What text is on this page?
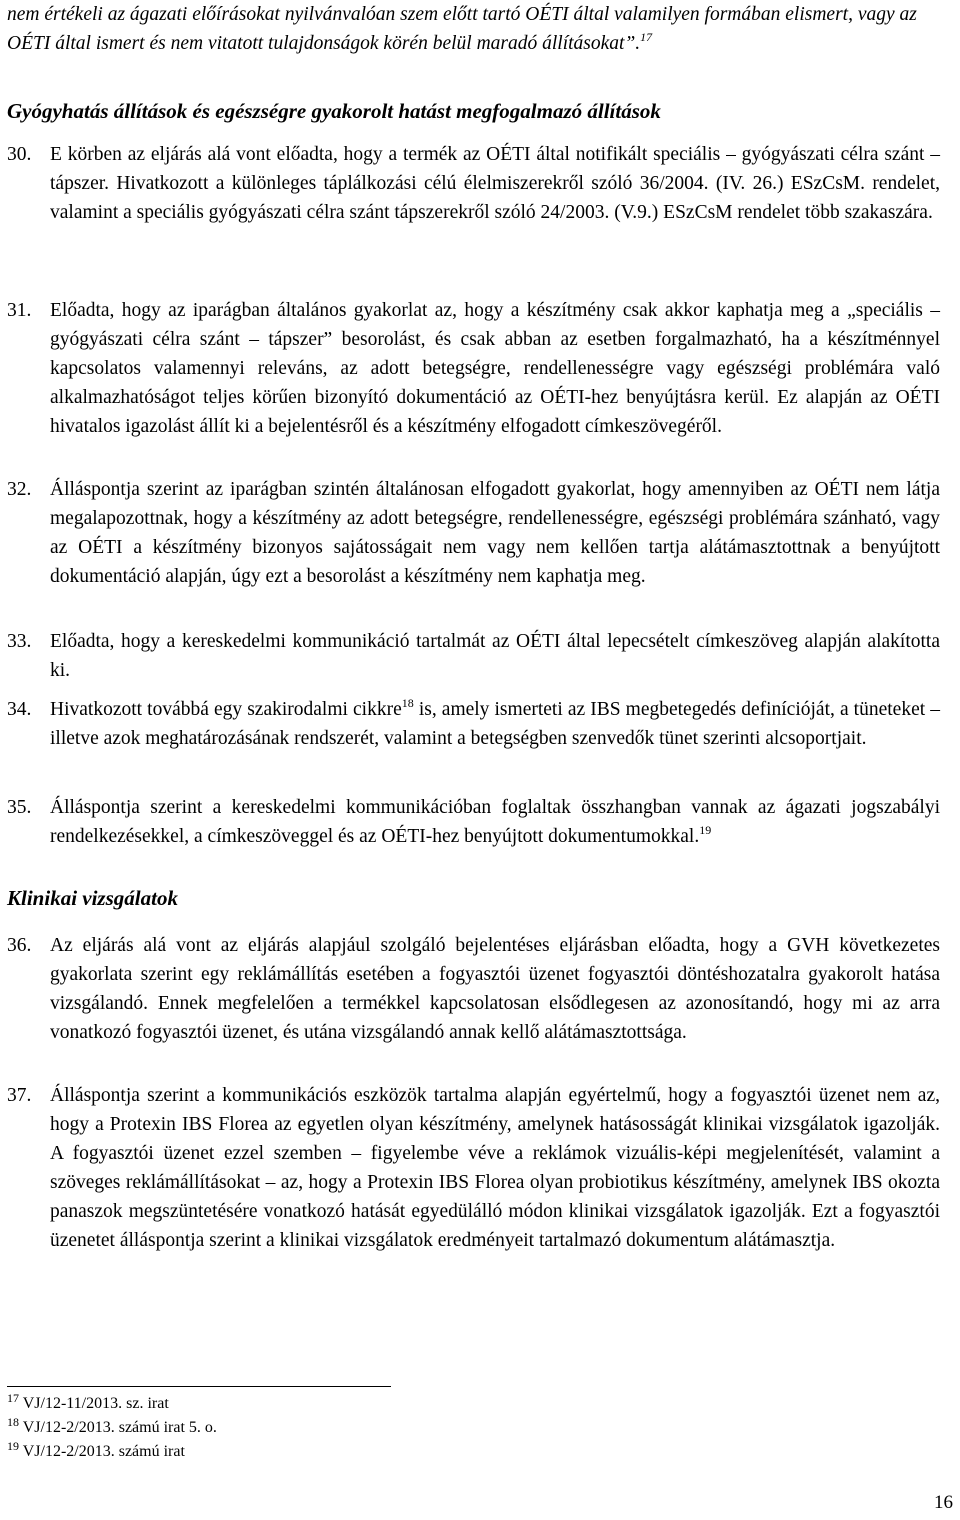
nem értékeli az ágazati előírásokat nyilvánvalóan szem előtt tartó OÉTI által valamilyen formában elismert, vagy az OÉTI által ismert és nem vitatott tulajdonságok körén belül maradó állításokat”.$^{17}$
Gyógyhatás állítások és egészségre gyakorolt hatást megfogalmazó állítások
30. E körben az eljárás alá vont előadta, hogy a termék az OÉTI által notifikált speciális – gyógyászati célra szánt – tápszer. Hivatkozott a különleges táplálkozási célú élelmiszerekről szóló 36/2004. (IV. 26.) ESzCsM. rendelet, valamint a speciális gyógyászati célra szánt tápszerekről szóló 24/2003. (V.9.) ESzCsM rendelet több szakaszára.
31. Előadta, hogy az iparágban általános gyakorlat az, hogy a készítmény csak akkor kaphatja meg a „speciális – gyógyászati célra szánt – tápszer” besorolást, és csak abban az esetben forgalmazható, ha a készítménnyel kapcsolatos valamennyi releváns, az adott betegségre, rendellenességre vagy egészségi problémára való alkalmazhatóságot teljes körűen bizonyító dokumentáció az OÉTI-hez benyújtásra kerül. Ez alapján az OÉTI hivatalos igazolást állít ki a bejelentésről és a készítmény elfogadott címkeszövegéről.
32. Álláspontja szerint az iparágban szintén általánosan elfogadott gyakorlat, hogy amennyiben az OÉTI nem látja megalapozottnak, hogy a készítmény az adott betegségre, rendellenességre, egészségi problémára szánható, vagy az OÉTI a készítmény bizonyos sajátosságait nem vagy nem kellően tartja alátámasztottnak a benyújtott dokumentáció alapján, úgy ezt a besorolást a készítmény nem kaphatja meg.
33. Előadta, hogy a kereskedelmi kommunikáció tartalmát az OÉTI által lepecsételt címkeszöveg alapján alakította ki.
34. Hivatkozott továbbá egy szakirodalmi cikkre$^{18}$ is, amely ismerteti az IBS megbetegedés definícióját, a tüneteket – illetve azok meghatározásának rendszerét, valamint a betegségben szenvedők tünet szerinti alcsoportjait.
35. Álláspontja szerint a kereskedelmi kommunikációban foglaltak összhangban vannak az ágazati jogszabályi rendelkezésekkel, a címkeszöveggel és az OÉTI-hez benyújtott dokumentumokkal.$^{19}$
Klinikai vizsgálatok
36. Az eljárás alá vont az eljárás alapjául szolgáló bejelentéses eljárásban előadta, hogy a GVH következetes gyakorlata szerint egy reklámállítás esetében a fogyasztói üzenet fogyasztói döntéshozatalra gyakorolt hatása vizsgálandó. Ennek megfelelően a termékkel kapcsolatosan elsődlegesen az azonosítandó, hogy mi az arra vonatkozó fogyasztói üzenet, és utána vizsgálandó annak kellő alátámasztottsága.
37. Álláspontja szerint a kommunikációs eszközök tartalma alapján egyértelmű, hogy a fogyasztói üzenet nem az, hogy a Protexin IBS Florea az egyetlen olyan készítmény, amelynek hatásosságát klinikai vizsgálatok igazolják. A fogyasztói üzenet ezzel szemben – figyelembe véve a reklámok vizuális-képi megjelenítését, valamint a szöveges reklámállításokat – az, hogy a Protexin IBS Florea olyan probiotikus készítmény, amelynek IBS okozta panaszok megszüntetésére vonatkozó hatását egyedülálló módon klinikai vizsgálatok igazolják. Ezt a fogyasztói üzenetet álláspontja szerint a klinikai vizsgálatok eredményeit tartalmazó dokumentum alátámasztja.
$^{17}$ VJ/12-11/2013. sz. irat
$^{18}$ VJ/12-2/2013. számú irat 5. o.
$^{19}$ VJ/12-2/2013. számú irat
16
